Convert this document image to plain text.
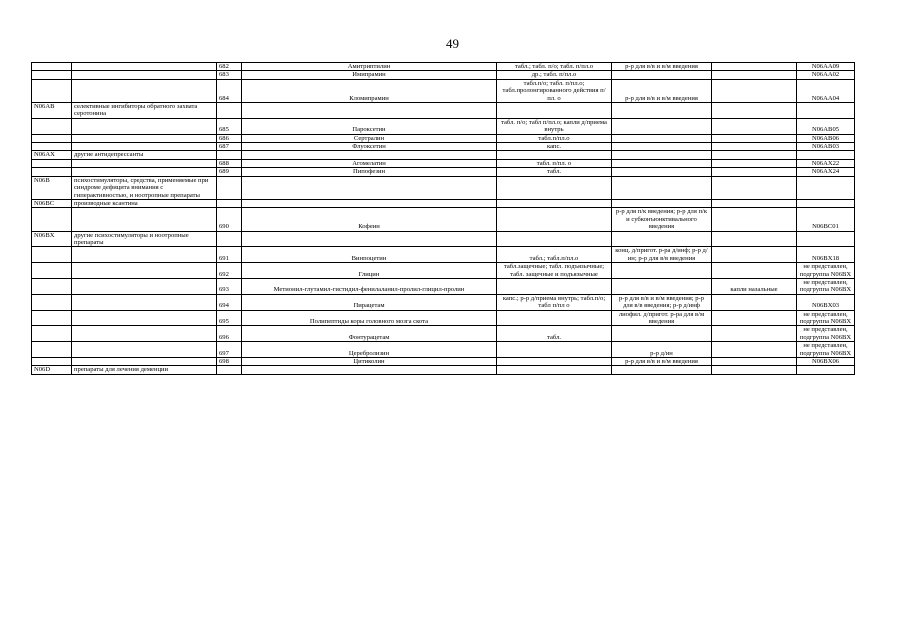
49
		682	Амитриптилин	табл.; табл. п/о; табл. п/пл.о	р-р для в/в и в/м введения		N06AA09
		683	Имипрамин	др.; табл. п/пл.о			N06AA02
		684	Кломипрамин	табл.п/о; табл. п/пл.о; табл.пролонгированного действия п/пл. о	р-р для в/в и в/м введения		N06AA04
N06AB	селективные ингибиторы обратного захвата серотонина						
		685	Пароксетин	табл. п/о; табл п/пл.о; капли д/приема внутрь			N06AB05
		686	Сертралин	табл.п/пл.о			N06AB06
		687	Флуоксетин	капс.			N06AB03
N06AX	другие антидепрессанты						
		688	Агомелатин	табл. п/пл. о			N06AX22
		689	Пипофезин	табл.			N06AX24
N06B	психостимуляторы, средства, применяемые при синдроме дефицита внимания с гиперактивностью, и ноотропные препараты						
N06BC	производные ксантина						
		690	Кофеин		р-р для п/к введения; р-р для п/к и субконъюнктивального введения		N06BC01
N06BX	другие психостимуляторы и ноотропные препараты						
		691	Винпоцетин	табл.; табл.п/пл.о	конц. д/пригот. р-ра д/инф; р-р д/ин; р-р для в/в введения		N06BX18
		692	Глицин	табл.защечные; табл. подъязычные; табл. защечные и подъязычные			не представлен, подгруппа N06BX
		693	Метионил-глутамил-гистидил-фенилаланил-пролил-глицил-пролин			капли назальные	не представлен, подгруппа N06BX
		694	Пирацетам	капс.; р-р д/приема внутрь; табл.п/о; табл п/пл о	р-р для в/в и в/м введения; р-р для в/в введения; р-р д/инф		N06BX03
		695	Полипептиды коры головного мозга скота		лиофил. д/пригот. р-ра для в/м введения		не представлен, подгруппа N06BX
		696	Фонтурацетам	табл.			не представлен, подгруппа N06BX
		697	Церебролизин		р-р д/ин		не представлен, подгруппа N06BX
		698	Цитиколин		р-р для в/в и в/м введения		N06BX06
N06D	препараты для лечения деменции						
